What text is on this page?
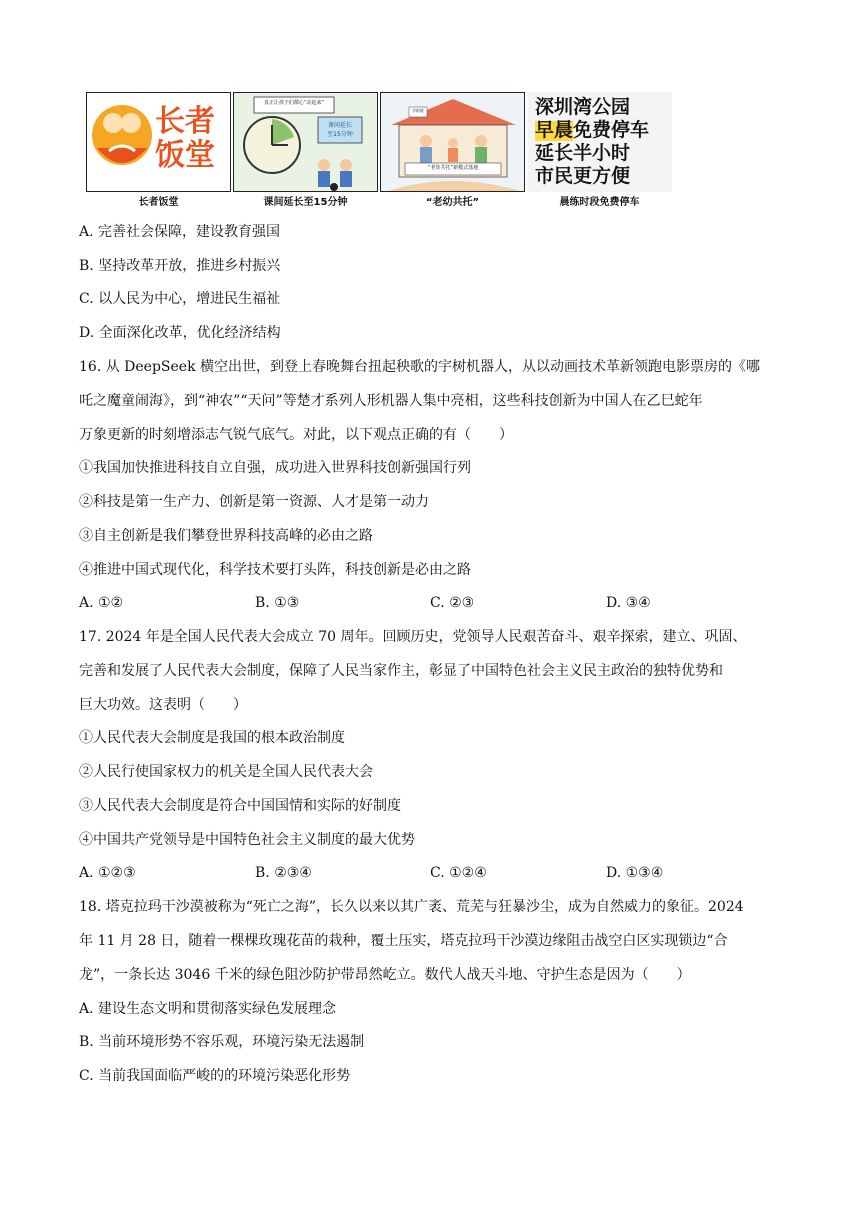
长者
饭堂
长者饭堂
真正让孩子们都心“动起来”
课间延长
至15分钟
课间延长至15分钟
“老幼共托”新模式落地
学龄班
“老幼共托”
深圳湾公园
早晨免费停车
延长半小时
市民更方便
晨练时段免费停车
A. 完善社会保障，建设教育强国
B. 坚持改革开放，推进乡村振兴
C. 以人民为中心，增进民生福祉
D. 全面深化改革，优化经济结构
16. 从 DeepSeek 横空出世，到登上春晚舞台扭起秧歌的宇树机器人，从以动画技术革新领跑电影票房的《哪
吒之魔童闹海》，到“神农”“天问”等楚才系列人形机器人集中亮相，这些科技创新为中国人在乙巳蛇年
万象更新的时刻增添志气锐气底气。对此，以下观点正确的有（　　）
①我国加快推进科技自立自强，成功进入世界科技创新强国行列
②科技是第一生产力、创新是第一资源、人才是第一动力
③自主创新是我们攀登世界科技高峰的必由之路
④推进中国式现代化，科学技术要打头阵，科技创新是必由之路
A. ①②	B. ①③	C. ②③	D. ③④
17. 2024 年是全国人民代表大会成立 70 周年。回顾历史，党领导人民艰苦奋斗、艰辛探索，建立、巩固、
完善和发展了人民代表大会制度，保障了人民当家作主，彰显了中国特色社会主义民主政治的独特优势和
巨大功效。这表明（　　）
①人民代表大会制度是我国的根本政治制度
②人民行使国家权力的机关是全国人民代表大会
③人民代表大会制度是符合中国国情和实际的好制度
④中国共产党领导是中国特色社会主义制度的最大优势
A. ①②③	B. ②③④	C. ①②④	D. ①③④
18. 塔克拉玛干沙漠被称为“死亡之海”，长久以来以其广袤、荒芜与狂暴沙尘，成为自然威力的象征。2024
年 11 月 28 日，随着一棵棵玫瑰花苗的栽种，覆土压实，塔克拉玛干沙漠边缘阻击战空白区实现锁边“合
龙”，一条长达 3046 千米的绿色阻沙防护带昂然屹立。数代人战天斗地、守护生态是因为（　　）
A. 建设生态文明和贯彻落实绿色发展理念
B. 当前环境形势不容乐观，环境污染无法遏制
C. 当前我国面临严峻的的环境污染恶化形势
